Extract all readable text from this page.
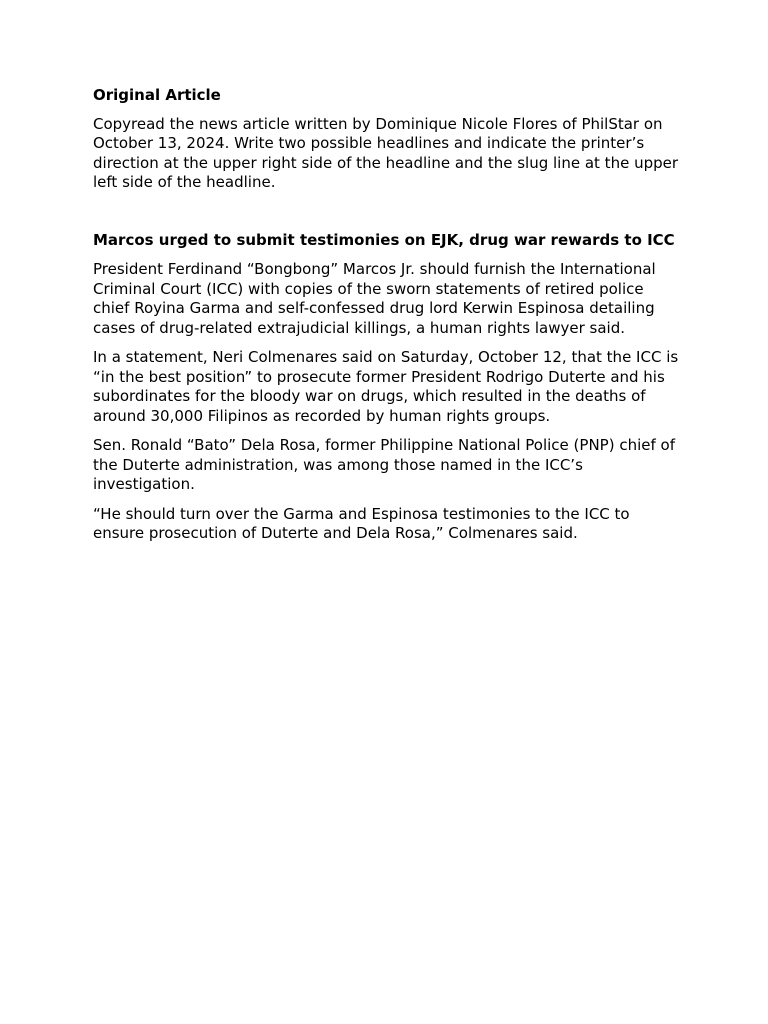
Original Article

Copyread the news article written by Dominique Nicole Flores of PhilStar on October 13, 2024. Write two possible headlines and indicate the printer’s direction at the upper right side of the headline and the slug line at the upper left side of the headline.

Marcos urged to submit testimonies on EJK, drug war rewards to ICC

President Ferdinand “Bongbong” Marcos Jr. should furnish the International Criminal Court (ICC) with copies of the sworn statements of retired police chief Royina Garma and self-confessed drug lord Kerwin Espinosa detailing cases of drug-related extrajudicial killings, a human rights lawyer said.

In a statement, Neri Colmenares said on Saturday, October 12, that the ICC is “in the best position” to prosecute former President Rodrigo Duterte and his subordinates for the bloody war on drugs, which resulted in the deaths of around 30,000 Filipinos as recorded by human rights groups.

Sen. Ronald “Bato” Dela Rosa, former Philippine National Police (PNP) chief of the Duterte administration, was among those named in the ICC’s investigation.

“He should turn over the Garma and Espinosa testimonies to the ICC to ensure prosecution of Duterte and Dela Rosa,” Colmenares said.
